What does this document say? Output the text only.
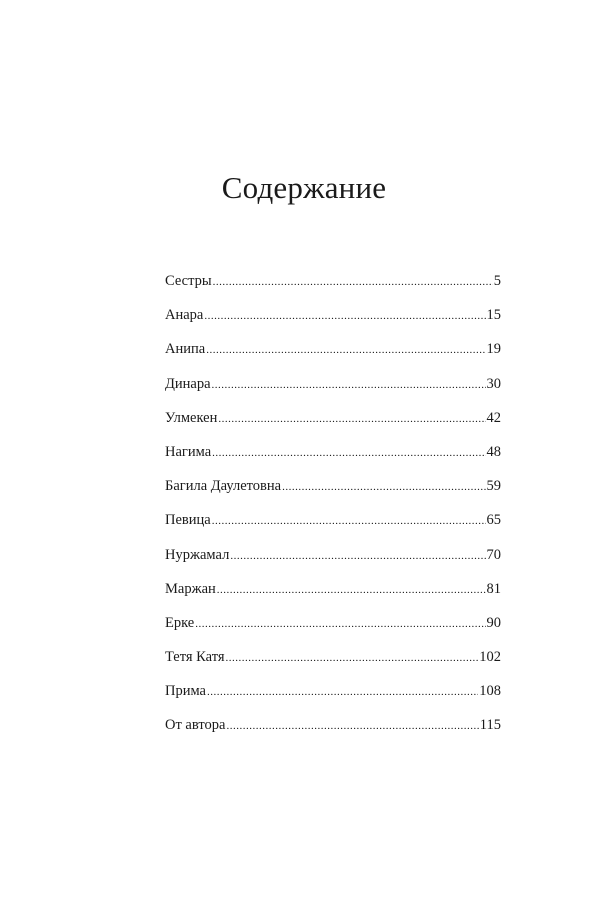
Содержание
Сестры .....	5
Анара .....	15
Анипа .....	19
Динара .....	30
Улмекен .....	42
Нагима .....	48
Багила Даулетовна .....	59
Певица .....	65
Нуржамал .....	70
Маржан .....	81
Ерке .....	90
Тетя Катя .....	102
Прима .....	108
От автора .....	115
